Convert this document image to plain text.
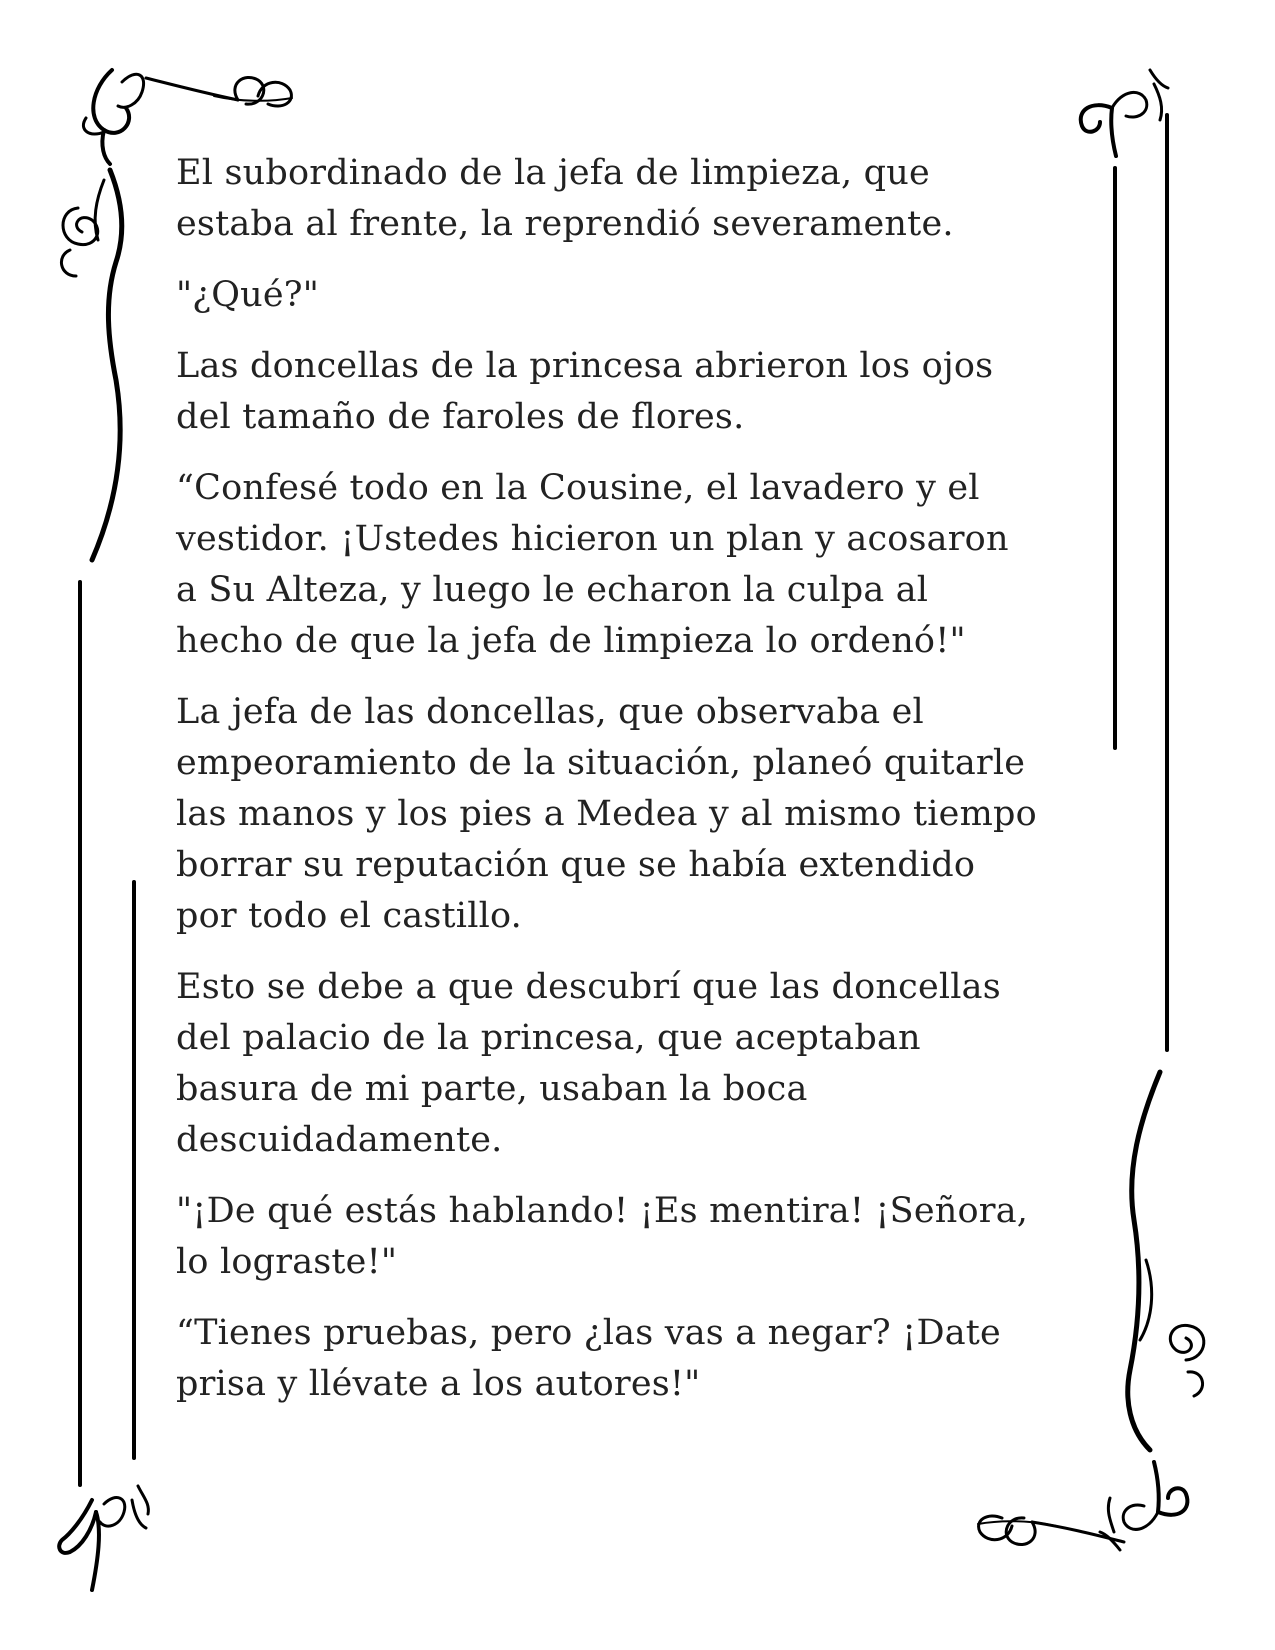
El subordinado de la jefa de limpieza, que
estaba al frente, la reprendió severamente.

"¿Qué?"

Las doncellas de la princesa abrieron los ojos
del tamaño de faroles de flores.

“Confesé todo en la Cousine, el lavadero y el
vestidor. ¡Ustedes hicieron un plan y acosaron
a Su Alteza, y luego le echaron la culpa al
hecho de que la jefa de limpieza lo ordenó!"

La jefa de las doncellas, que observaba el
empeoramiento de la situación, planeó quitarle
las manos y los pies a Medea y al mismo tiempo
borrar su reputación que se había extendido
por todo el castillo.

Esto se debe a que descubrí que las doncellas
del palacio de la princesa, que aceptaban
basura de mi parte, usaban la boca
descuidadamente.

"¡De qué estás hablando! ¡Es mentira! ¡Señora,
lo lograste!"

“Tienes pruebas, pero ¿las vas a negar? ¡Date
prisa y llévate a los autores!"
